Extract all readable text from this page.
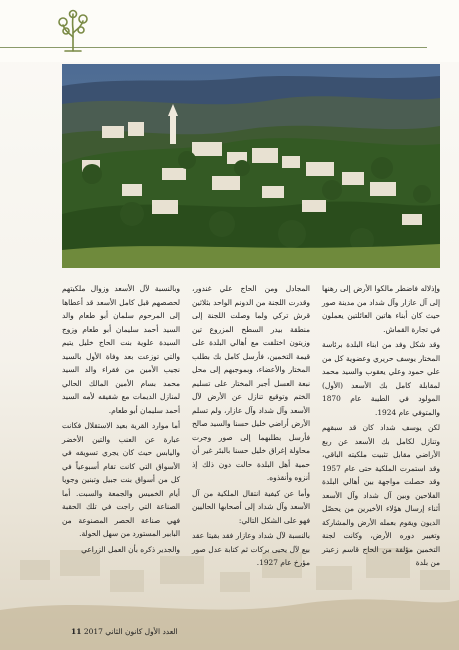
وإذلاله فاضطر مالكوا الأرض إلى رهنها إلى آل عازار وآل شداد من مدينة صور حيث كان أبناء هاتين العائلتين يعملون في تجارة القماش.

وقد شكل وفد من ابناء البلدة برئاسة المختار يوسف حريري وعضوية كل من علي حمود وعلي يعقوب والسيد محمد لمقابلة كامل بك الأسعد (الأول) المولود في الطيبة عام 1870 والمتوفي عام 1924.

لكن يوسف شداد كان قد سبقهم وتنازل لكامل بك الأسعد عن ربع الأراضي مقابل تثبيت ملكيته الباقي، وقد استمرت الملكية حتى عام 1957 وقد حصلت مواجهة بين أهالي البلدة الفلاحين وبين آل شداد وآل الأسعد أثناء إرسال هؤلاء الأخيرين من يحصّل الديون ويقوم بعمله الأرض والمشاركة وتغيير دوره الأرض، وكانت لجنة التخمين مؤلفة من الحاج قاسم زعيتر من بلدة

المجادل ومن الحاج علي غندور، وقدرت اللجنة من الدونم الواحد بثلاثين قرش تركي ولما وصلت اللجنة إلى منطقة بيدر السطح المزروع تين وزيتون اختلفت مع أهالي البلدة على قيمة التخمين، فأرسل كامل بك بطلب المختار والأعضاء، وبموجبهم إلى محل نبعة العسل أجبر المختار على تسليم الختم وتوقيع تنازل عن الأرض لآل الأسعد وآل شداد وآل عازار، ولم تسلم الأرض أراضي خليل حسنا والسيد صالح فأرسل بطلبهما إلى صور وجرت محاولة إغراق خليل حسنا بالبئر غير أن حمية أهل البلدة حالت دون ذلك إذ أنزوه وأنقذوه.

وأما عن كيفية انتقال الملكية من آل الأسعد وآل شداد إلى أصحابها الحاليين فهو على الشكل التالي:

بالنسبة لآل شداد وعازار فقد بقيتا عقد بيع لآل يحيى بركات ثم كتابة عدل صور مؤرخ عام 1927.

وبالنسبة لآل الأسعد وزوال ملكيتهم لحصصهم قبل كامل الأسعد قد أعطاها إلى المرحوم سلمان أبو طعام والد السيد أحمد سليمان أبو طعام وزوج السيدة علوية بنت الحاج خليل يتيم والتي توزعت بعد وفاة الأول بالسيد نجيب الأمين من فقراء والد السيد محمد بسام الأمين المالك الحالي لمنازل الديمات مع شقيقه لأمه السيد أحمد سليمان أبو طعام.

أما موارد القرية بعيد الاستقلال فكانت عبارة عن العنب والتين الأخضر واليابس حيث كان يجري تسويقه في الأسواق التي كانت تقام أسبوعياً في كل من أسواق بنت جبيل وتبنين وجويا أيام الخميس والجمعة والسبت. أما الصناعة التي راجت في تلك الحقبة فهي صناعة الحصر المصنوعة من البابير المستورد من سهل الحولة.

والجدير ذكره بأن العمل الزراعي

العدد الأول كانون الثاني 2017 11
